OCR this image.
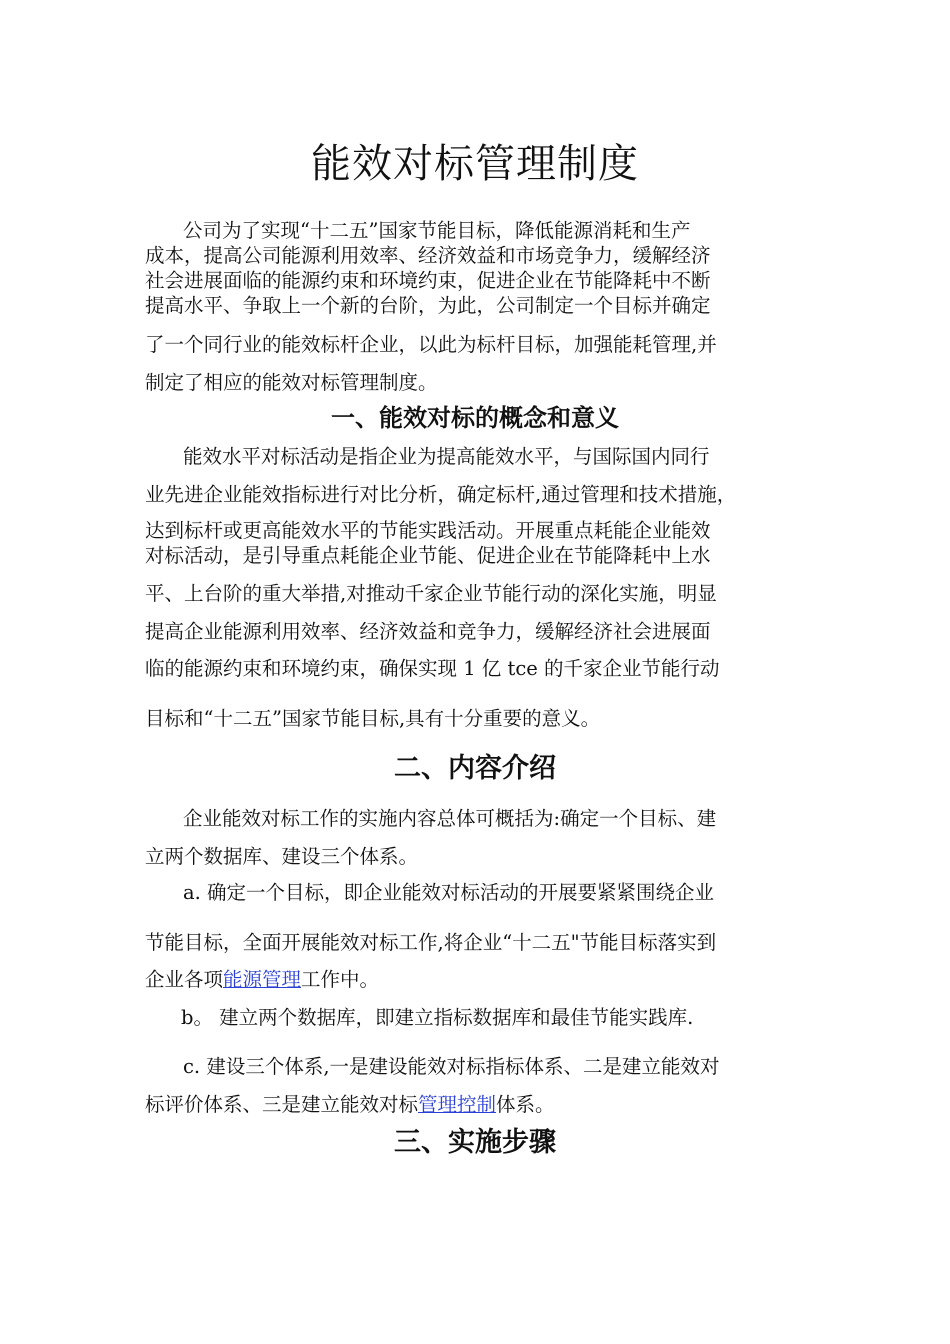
能效对标管理制度
公司为了实现“十二五”国家节能目标，降低能源消耗和生产
成本，提高公司能源利用效率、经济效益和市场竞争力，缓解经济
社会进展面临的能源约束和环境约束，促进企业在节能降耗中不断
提高水平、争取上一个新的台阶，为此，公司制定一个目标并确定
了一个同行业的能效标杆企业，以此为标杆目标，加强能耗管理,并
制定了相应的能效对标管理制度。
一、能效对标的概念和意义
能效水平对标活动是指企业为提高能效水平，与国际国内同行
业先进企业能效指标进行对比分析，确定标杆,通过管理和技术措施，
达到标杆或更高能效水平的节能实践活动。开展重点耗能企业能效
对标活动，是引导重点耗能企业节能、促进企业在节能降耗中上水
平、上台阶的重大举措,对推动千家企业节能行动的深化实施，明显
提高企业能源利用效率、经济效益和竞争力，缓解经济社会进展面
临的能源约束和环境约束，确保实现 1 亿 tce 的千家企业节能行动
目标和“十二五”国家节能目标,具有十分重要的意义。
二、内容介绍
企业能效对标工作的实施内容总体可概括为:确定一个目标、建
立两个数据库、建设三个体系。
a. 确定一个目标，即企业能效对标活动的开展要紧紧围绕企业
节能目标，全面开展能效对标工作,将企业“十二五"节能目标落实到
企业各项能源管理工作中。
b。 建立两个数据库，即建立指标数据库和最佳节能实践库.
c. 建设三个体系,一是建设能效对标指标体系、二是建立能效对
标评价体系、三是建立能效对标管理控制体系。
三、实施步骤
